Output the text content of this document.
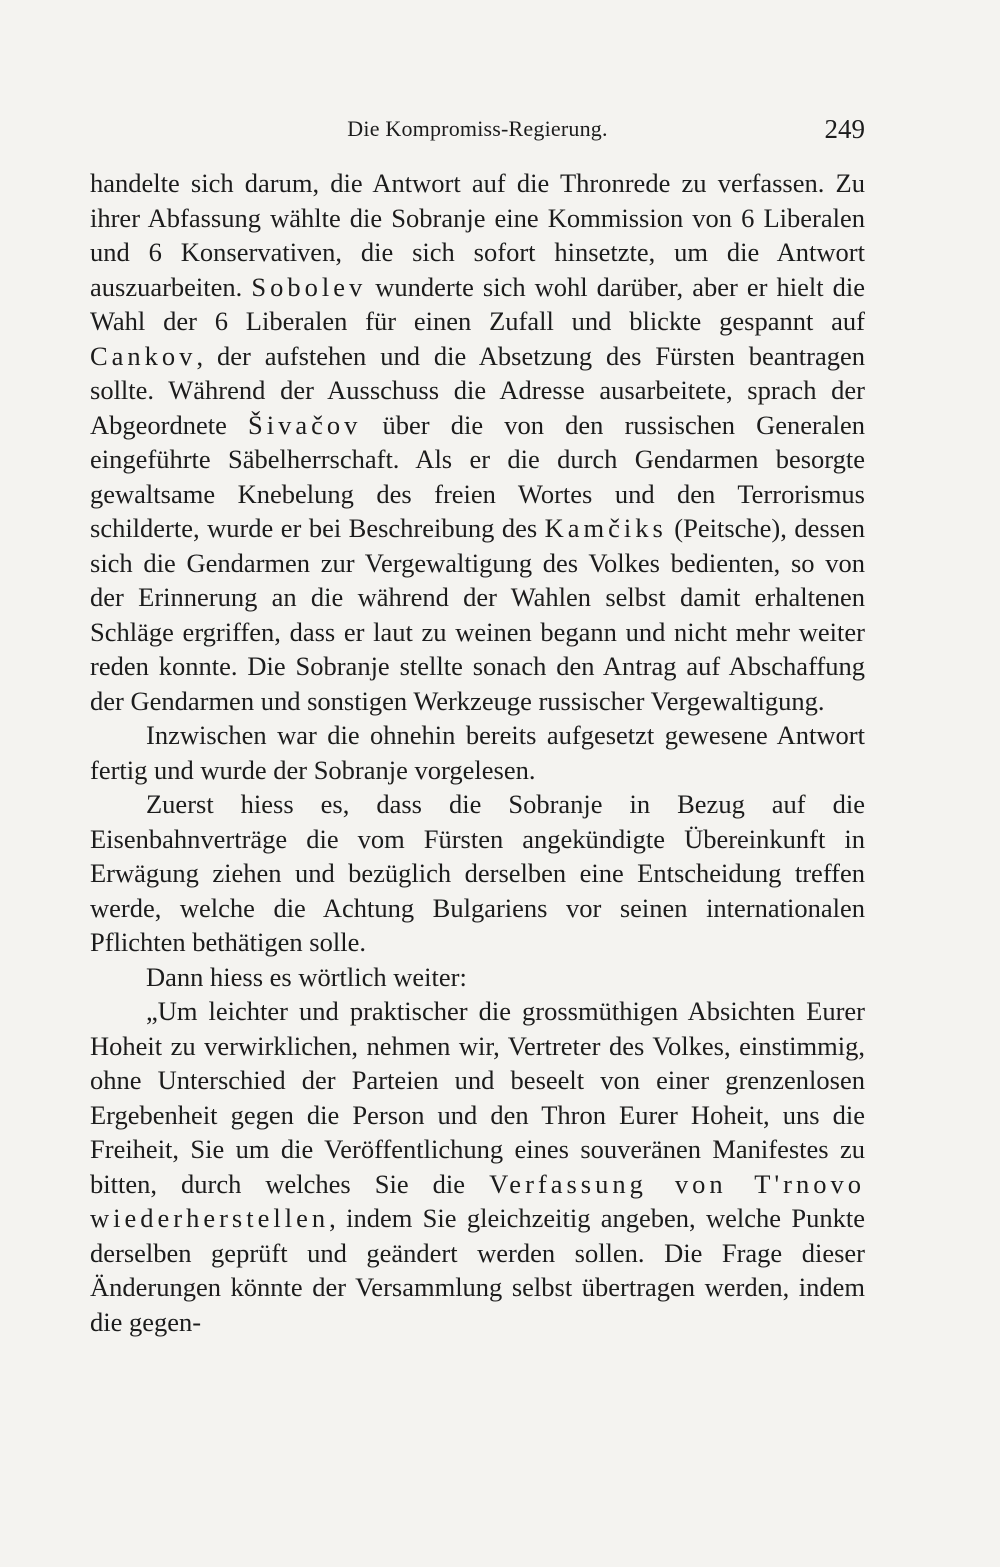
Die Kompromiss-Regierung.	249

handelte sich darum, die Antwort auf die Thronrede zu verfassen. Zu ihrer Abfassung wählte die Sobranje eine Kommission von 6 Liberalen und 6 Konservativen, die sich sofort hinsetzte, um die Antwort auszuarbeiten. Sobolev wunderte sich wohl darüber, aber er hielt die Wahl der 6 Liberalen für einen Zufall und blickte gespannt auf Cankov, der aufstehen und die Absetzung des Fürsten beantragen sollte. Während der Ausschuss die Adresse ausarbeitete, sprach der Abgeordnete Šivačov über die von den russischen Generalen eingeführte Säbelherrschaft. Als er die durch Gendarmen besorgte gewaltsame Knebelung des freien Wortes und den Terrorismus schilderte, wurde er bei Beschreibung des Kamčiks (Peitsche), dessen sich die Gendarmen zur Vergewaltigung des Volkes bedienten, so von der Erinnerung an die während der Wahlen selbst damit erhaltenen Schläge ergriffen, dass er laut zu weinen begann und nicht mehr weiter reden konnte. Die Sobranje stellte sonach den Antrag auf Abschaffung der Gendarmen und sonstigen Werkzeuge russischer Vergewaltigung.

Inzwischen war die ohnehin bereits aufgesetzt gewesene Antwort fertig und wurde der Sobranje vorgelesen.

Zuerst hiess es, dass die Sobranje in Bezug auf die Eisenbahnverträge die vom Fürsten angekündigte Übereinkunft in Erwägung ziehen und bezüglich derselben eine Entscheidung treffen werde, welche die Achtung Bulgariens vor seinen internationalen Pflichten bethätigen solle.

Dann hiess es wörtlich weiter:

„Um leichter und praktischer die grossmüthigen Absichten Eurer Hoheit zu verwirklichen, nehmen wir, Vertreter des Volkes, einstimmig, ohne Unterschied der Parteien und beseelt von einer grenzenlosen Ergebenheit gegen die Person und den Thron Eurer Hoheit, uns die Freiheit, Sie um die Veröffentlichung eines souveränen Manifestes zu bitten, durch welches Sie die Verfassung von T'rnovo wiederherstellen, indem Sie gleichzeitig angeben, welche Punkte derselben geprüft und geändert werden sollen. Die Frage dieser Änderungen könnte der Versammlung selbst übertragen werden, indem die gegen-
